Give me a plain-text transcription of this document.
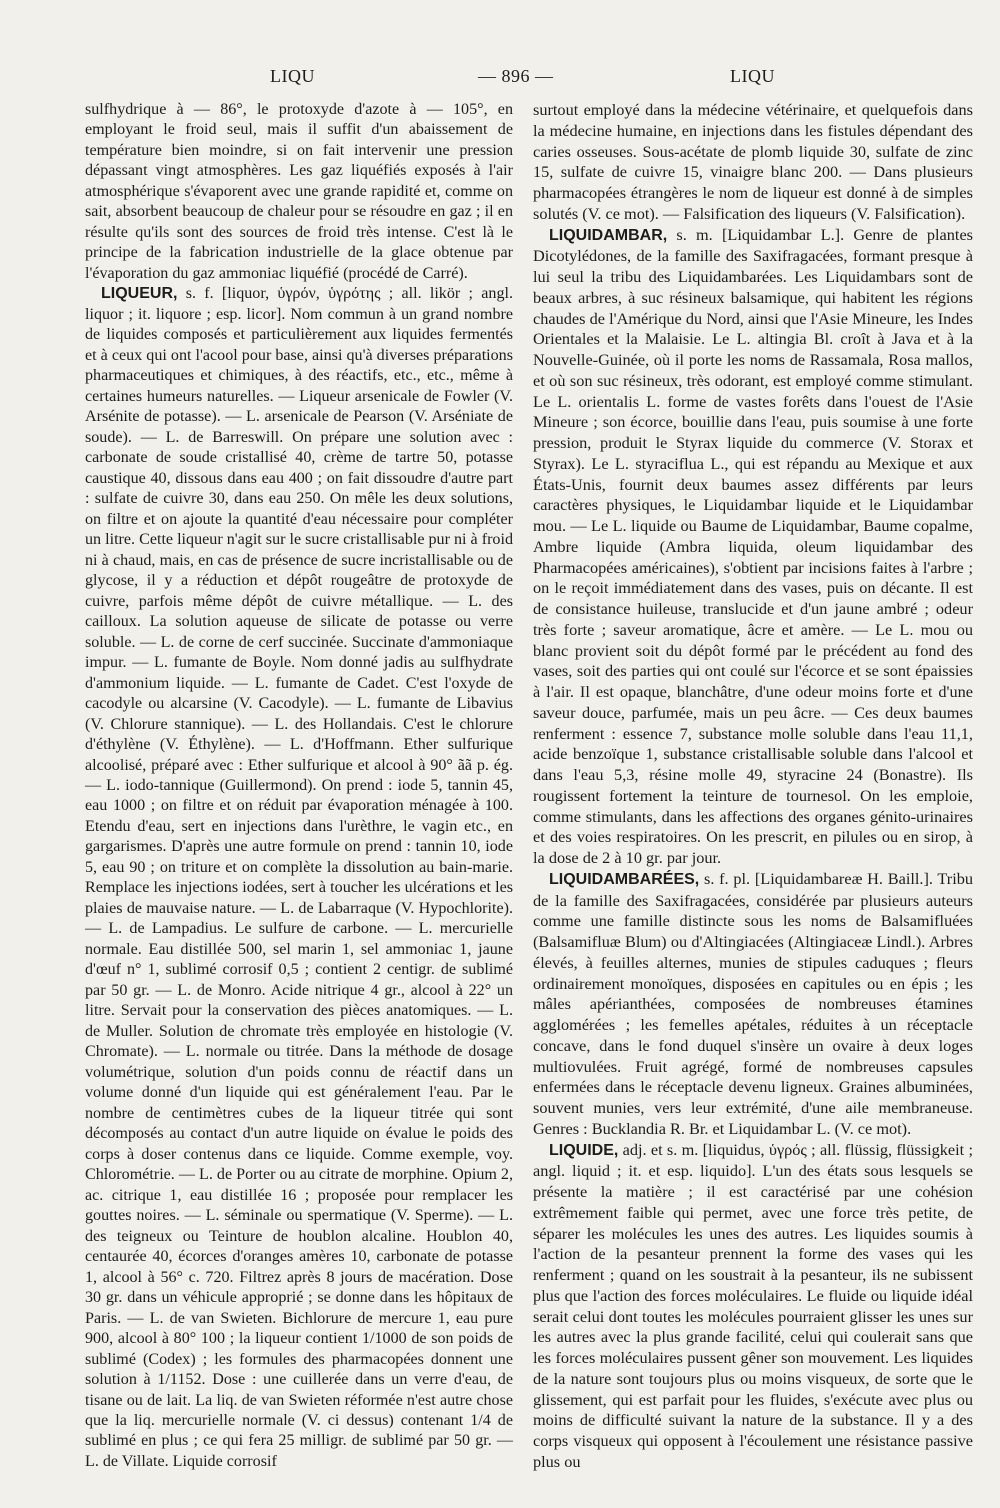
LIQU	— 896 —	LIQU

sulfhydrique à — 86°, le protoxyde d'azote à — 105°, en employant le froid seul, mais il suffit d'un abaissement de température bien moindre, si on fait intervenir une pression dépassant vingt atmosphères. Les gaz liquéfiés exposés à l'air atmosphérique s'évaporent avec une grande rapidité et, comme on sait, absorbent beaucoup de chaleur pour se résoudre en gaz ; il en résulte qu'ils sont des sources de froid très intense. C'est là le principe de la fabrication industrielle de la glace obtenue par l'évaporation du gaz ammoniac liquéfié (procédé de Carré).

LIQUEUR, s. f. [liquor, ὑγρόν, ὑγρότης ; all. likör ; angl. liquor ; it. liquore ; esp. licor]. Nom commun à un grand nombre de liquides composés et particulièrement aux liquides fermentés et à ceux qui ont l'acool pour base, ainsi qu'à diverses préparations pharmaceutiques et chimiques, à des réactifs, etc., etc., même à certaines humeurs naturelles. — Liqueur arsenicale de Fowler (V. Arsénite de potasse). — L. arsenicale de Pearson (V. Arséniate de soude). — L. de Barreswill. On prépare une solution avec : carbonate de soude cristallisé 40, crème de tartre 50, potasse caustique 40, dissous dans eau 400 ; on fait dissoudre d'autre part : sulfate de cuivre 30, dans eau 250. On mêle les deux solutions, on filtre et on ajoute la quantité d'eau nécessaire pour compléter un litre. Cette liqueur n'agit sur le sucre cristallisable pur ni à froid ni à chaud, mais, en cas de présence de sucre incristallisable ou de glycose, il y a réduction et dépôt rougeâtre de protoxyde de cuivre, parfois même dépôt de cuivre métallique. — L. des cailloux. La solution aqueuse de silicate de potasse ou verre soluble. — L. de corne de cerf succinée. Succinate d'ammoniaque impur. — L. fumante de Boyle. Nom donné jadis au sulfhydrate d'ammonium liquide. — L. fumante de Cadet. C'est l'oxyde de cacodyle ou alcarsine (V. Cacodyle). — L. fumante de Libavius (V. Chlorure stannique). — L. des Hollandais. C'est le chlorure d'éthylène (V. Éthylène). — L. d'Hoffmann. Ether sulfurique alcoolisé, préparé avec : Ether sulfurique et alcool à 90° ãã p. ég. — L. iodo-tannique (Guillermond). On prend : iode 5, tannin 45, eau 1000 ; on filtre et on réduit par évaporation ménagée à 100. Etendu d'eau, sert en injections dans l'urèthre, le vagin etc., en gargarismes. D'après une autre formule on prend : tannin 10, iode 5, eau 90 ; on triture et on complète la dissolution au bain-marie. Remplace les injections iodées, sert à toucher les ulcérations et les plaies de mauvaise nature. — L. de Labarraque (V. Hypochlorite). — L. de Lampadius. Le sulfure de carbone. — L. mercurielle normale. Eau distillée 500, sel marin 1, sel ammoniac 1, jaune d'œuf n° 1, sublimé corrosif 0,5 ; contient 2 centigr. de sublimé par 50 gr. — L. de Monro. Acide nitrique 4 gr., alcool à 22° un litre. Servait pour la conservation des pièces anatomiques. — L. de Muller. Solution de chromate très employée en histologie (V. Chromate). — L. normale ou titrée. Dans la méthode de dosage volumétrique, solution d'un poids connu de réactif dans un volume donné d'un liquide qui est généralement l'eau. Par le nombre de centimètres cubes de la liqueur titrée qui sont décomposés au contact d'un autre liquide on évalue le poids des corps à doser contenus dans ce liquide. Comme exemple, voy. Chlorométrie. — L. de Porter ou au citrate de morphine. Opium 2, ac. citrique 1, eau distillée 16 ; proposée pour remplacer les gouttes noires. — L. séminale ou spermatique (V. Sperme). — L. des teigneux ou Teinture de houblon alcaline. Houblon 40, centaurée 40, écorces d'oranges amères 10, carbonate de potasse 1, alcool à 56° c. 720. Filtrez après 8 jours de macération. Dose 30 gr. dans un véhicule approprié ; se donne dans les hôpitaux de Paris. — L. de van Swieten. Bichlorure de mercure 1, eau pure 900, alcool à 80° 100 ; la liqueur contient 1/1000 de son poids de sublimé (Codex) ; les formules des pharmacopées donnent une solution à 1/1152. Dose : une cuillerée dans un verre d'eau, de tisane ou de lait. La liq. de van Swieten réformée n'est autre chose que la liq. mercurielle normale (V. ci dessus) contenant 1/4 de sublimé en plus ; ce qui fera 25 milligr. de sublimé par 50 gr. — L. de Villate. Liquide corrosif

surtout employé dans la médecine vétérinaire, et quelquefois dans la médecine humaine, en injections dans les fistules dépendant des caries osseuses. Sous-acétate de plomb liquide 30, sulfate de zinc 15, sulfate de cuivre 15, vinaigre blanc 200. — Dans plusieurs pharmacopées étrangères le nom de liqueur est donné à de simples solutés (V. ce mot). — Falsification des liqueurs (V. Falsification).

LIQUIDAMBAR, s. m. [Liquidambar L.]. Genre de plantes Dicotylédones, de la famille des Saxifragacées, formant presque à lui seul la tribu des Liquidambarées. Les Liquidambars sont de beaux arbres, à suc résineux balsamique, qui habitent les régions chaudes de l'Amérique du Nord, ainsi que l'Asie Mineure, les Indes Orientales et la Malaisie. Le L. altingia Bl. croît à Java et à la Nouvelle-Guinée, où il porte les noms de Rassamala, Rosa mallos, et où son suc résineux, très odorant, est employé comme stimulant. Le L. orientalis L. forme de vastes forêts dans l'ouest de l'Asie Mineure ; son écorce, bouillie dans l'eau, puis soumise à une forte pression, produit le Styrax liquide du commerce (V. Storax et Styrax). Le L. styraciflua L., qui est répandu au Mexique et aux États-Unis, fournit deux baumes assez différents par leurs caractères physiques, le Liquidambar liquide et le Liquidambar mou. — Le L. liquide ou Baume de Liquidambar, Baume copalme, Ambre liquide (Ambra liquida, oleum liquidambar des Pharmacopées américaines), s'obtient par incisions faites à l'arbre ; on le reçoit immédiatement dans des vases, puis on décante. Il est de consistance huileuse, translucide et d'un jaune ambré ; odeur très forte ; saveur aromatique, âcre et amère. — Le L. mou ou blanc provient soit du dépôt formé par le précédent au fond des vases, soit des parties qui ont coulé sur l'écorce et se sont épaissies à l'air. Il est opaque, blanchâtre, d'une odeur moins forte et d'une saveur douce, parfumée, mais un peu âcre. — Ces deux baumes renferment : essence 7, substance molle soluble dans l'eau 11,1, acide benzoïque 1, substance cristallisable soluble dans l'alcool et dans l'eau 5,3, résine molle 49, styracine 24 (Bonastre). Ils rougissent fortement la teinture de tournesol. On les emploie, comme stimulants, dans les affections des organes génito-urinaires et des voies respiratoires. On les prescrit, en pilules ou en sirop, à la dose de 2 à 10 gr. par jour.

LIQUIDAMBARÉES, s. f. pl. [Liquidambareæ H. Baill.]. Tribu de la famille des Saxifragacées, considérée par plusieurs auteurs comme une famille distincte sous les noms de Balsamifluées (Balsamifluæ Blum) ou d'Altingiacées (Altingiaceæ Lindl.). Arbres élevés, à feuilles alternes, munies de stipules caduques ; fleurs ordinairement monoïques, disposées en capitules ou en épis ; les mâles apérianthées, composées de nombreuses étamines agglomérées ; les femelles apétales, réduites à un réceptacle concave, dans le fond duquel s'insère un ovaire à deux loges multiovulées. Fruit agrégé, formé de nombreuses capsules enfermées dans le réceptacle devenu ligneux. Graines albuminées, souvent munies, vers leur extrémité, d'une aile membraneuse. Genres : Bucklandia R. Br. et Liquidambar L. (V. ce mot).

LIQUIDE, adj. et s. m. [liquidus, ὑγρός ; all. flüssig, flüssigkeit ; angl. liquid ; it. et esp. liquido]. L'un des états sous lesquels se présente la matière ; il est caractérisé par une cohésion extrêmement faible qui permet, avec une force très petite, de séparer les molécules les unes des autres. Les liquides soumis à l'action de la pesanteur prennent la forme des vases qui les renferment ; quand on les soustrait à la pesanteur, ils ne subissent plus que l'action des forces moléculaires. Le fluide ou liquide idéal serait celui dont toutes les molécules pourraient glisser les unes sur les autres avec la plus grande facilité, celui qui coulerait sans que les forces moléculaires pussent gêner son mouvement. Les liquides de la nature sont toujours plus ou moins visqueux, de sorte que le glissement, qui est parfait pour les fluides, s'exécute avec plus ou moins de difficulté suivant la nature de la substance. Il y a des corps visqueux qui opposent à l'écoulement une résistance passive plus ou
